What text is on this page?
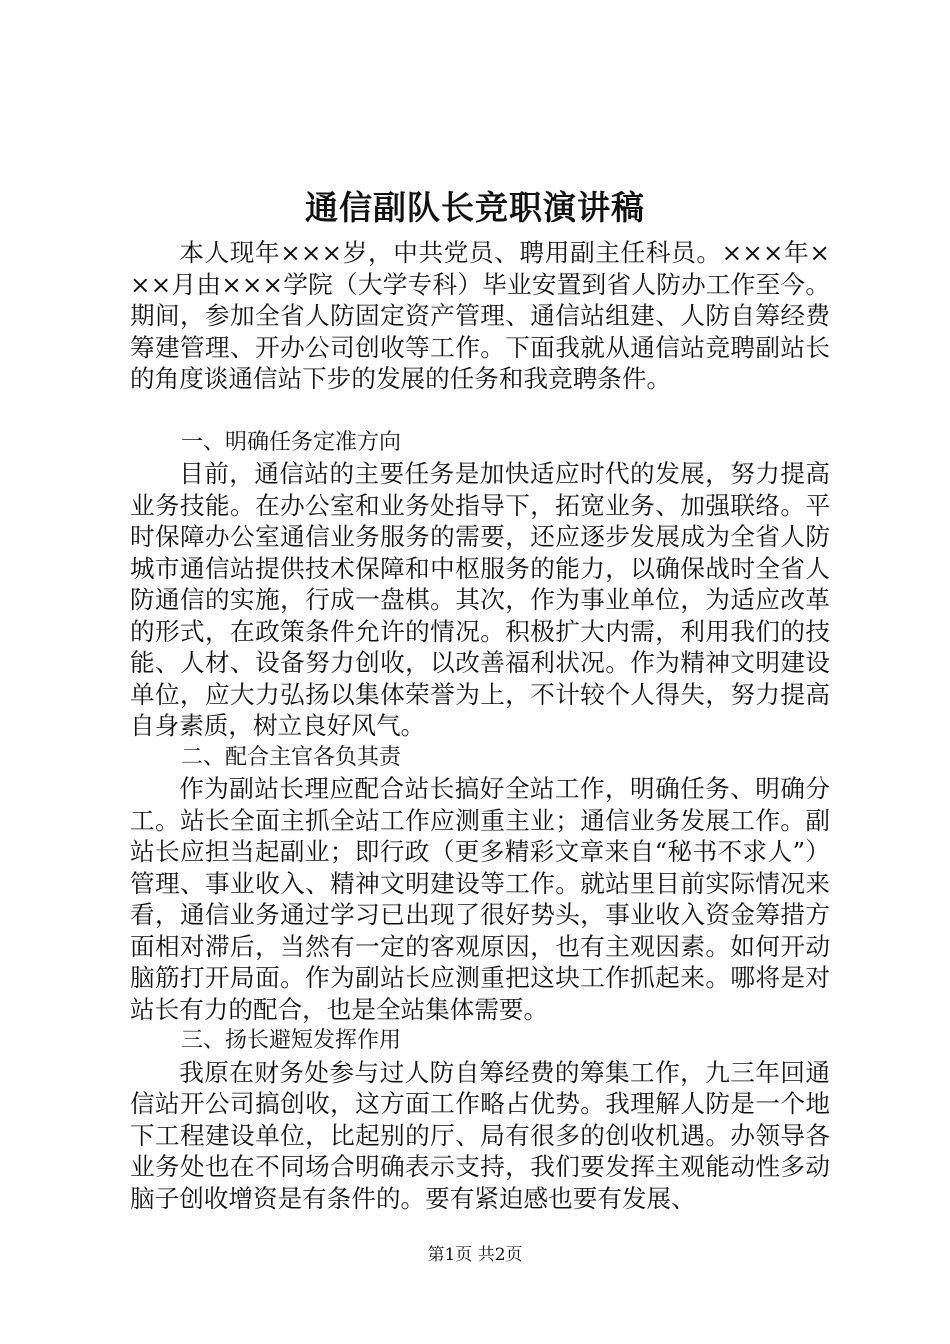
通信副队长竞职演讲稿

本人现年×××岁，中共党员、聘用副主任科员。×××年×××月由×××学院（大学专科）毕业安置到省人防办工作至今。期间，参加全省人防固定资产管理、通信站组建、人防自筹经费筹建管理、开办公司创收等工作。下面我就从通信站竞聘副站长的角度谈通信站下步的发展的任务和我竞聘条件。

一、明确任务定准方向

目前，通信站的主要任务是加快适应时代的发展，努力提高业务技能。在办公室和业务处指导下，拓宽业务、加强联络。平时保障办公室通信业务服务的需要，还应逐步发展成为全省人防城市通信站提供技术保障和中枢服务的能力，以确保战时全省人防通信的实施，行成一盘棋。其次，作为事业单位，为适应改革的形式，在政策条件允许的情况。积极扩大内需，利用我们的技能、人材、设备努力创收，以改善福利状况。作为精神文明建设单位，应大力弘扬以集体荣誉为上，不计较个人得失，努力提高自身素质，树立良好风气。

二、配合主官各负其责

作为副站长理应配合站长搞好全站工作，明确任务、明确分工。站长全面主抓全站工作应测重主业；通信业务发展工作。副站长应担当起副业；即行政（更多精彩文章来自“秘书不求人”）管理、事业收入、精神文明建设等工作。就站里目前实际情况来看，通信业务通过学习已出现了很好势头，事业收入资金筹措方面相对滞后，当然有一定的客观原因，也有主观因素。如何开动脑筋打开局面。作为副站长应测重把这块工作抓起来。哪将是对站长有力的配合，也是全站集体需要。

三、扬长避短发挥作用

我原在财务处参与过人防自筹经费的筹集工作，九三年回通信站开公司搞创收，这方面工作略占优势。我理解人防是一个地下工程建设单位，比起别的厅、局有很多的创收机遇。办领导各业务处也在不同场合明确表示支持，我们要发挥主观能动性多动脑子创收增资是有条件的。要有紧迫感也要有发展、

第1页 共2页
